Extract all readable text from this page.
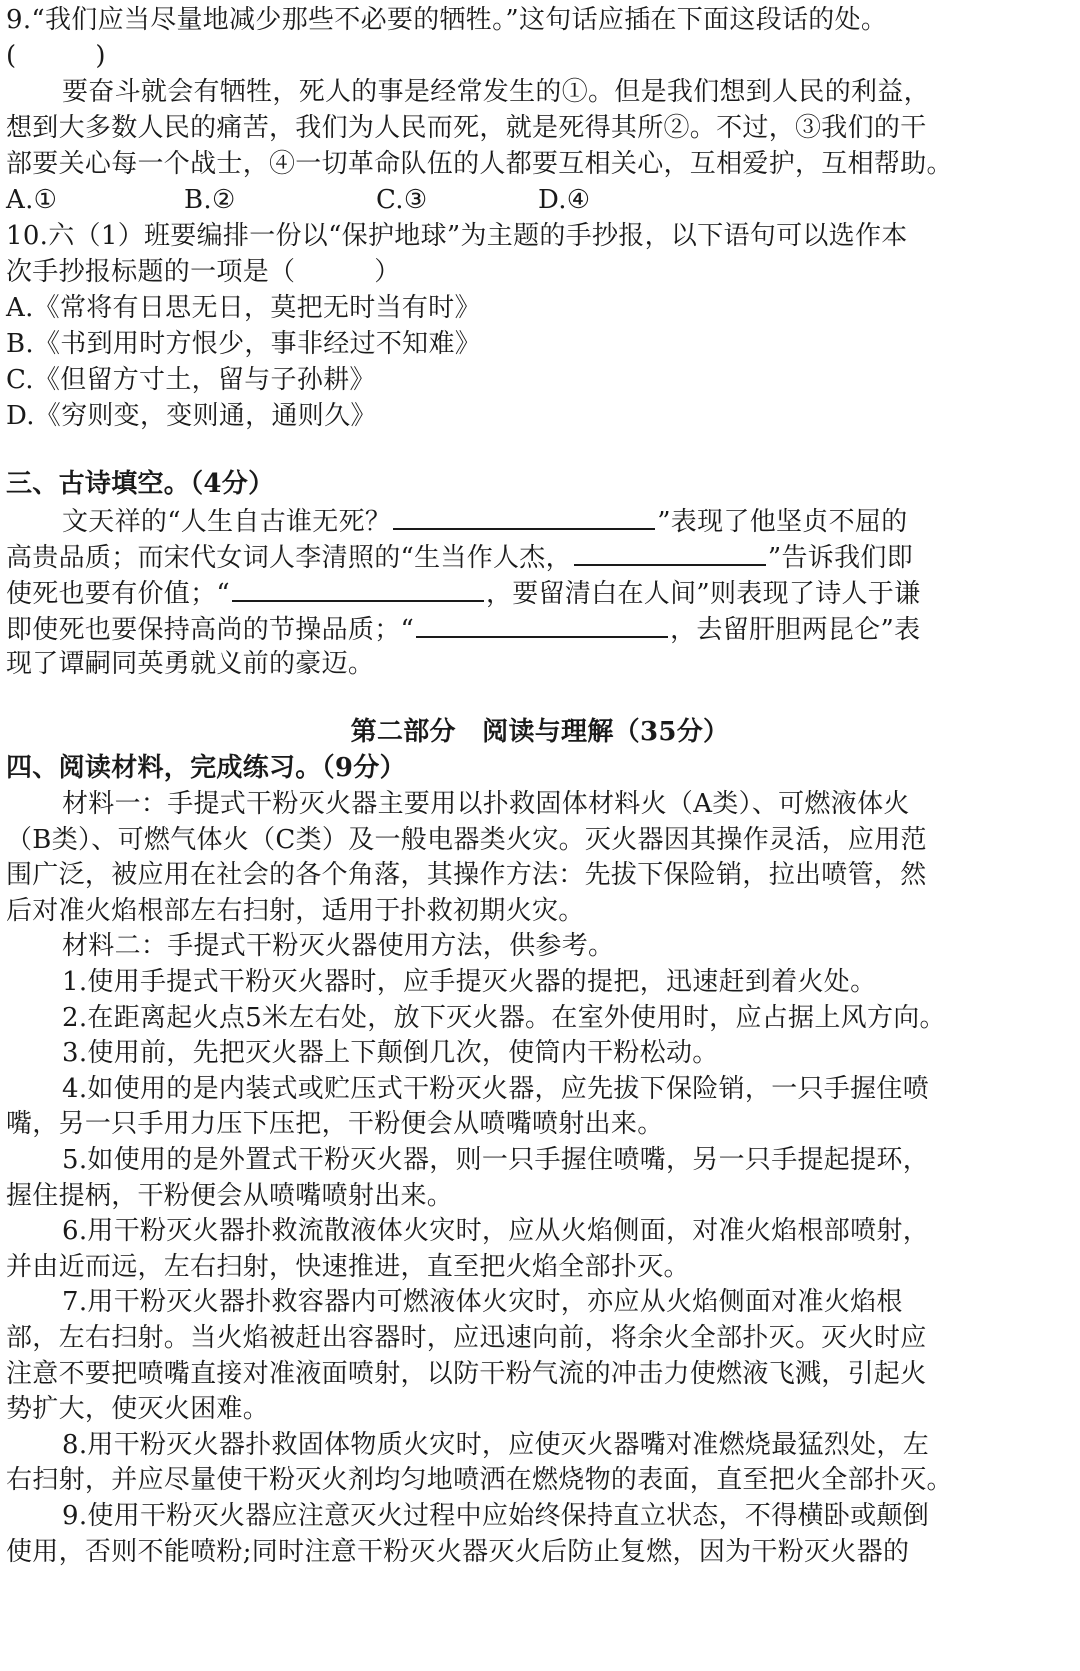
9.“我们应当尽量地减少那些不必要的牺牲。”这句话应插在下面这段话的处。
(　　　)
要奋斗就会有牺牲，死人的事是经常发生的①。但是我们想到人民的利益，
想到大多数人民的痛苦，我们为人民而死，就是死得其所②。不过，③我们的干
部要关心每一个战士，④一切革命队伍的人都要互相关心，互相爱护，互相帮助。
A.①	B.②	C.③	D.④
10.六（1）班要编排一份以“保护地球”为主题的手抄报，以下语句可以选作本
次手抄报标题的一项是（　　　）
A.《常将有日思无日，莫把无时当有时》
B.《书到用时方恨少，事非经过不知难》
C.《但留方寸土，留与子孙耕》
D.《穷则变，变则通，通则久》
三、古诗填空。（4分）
文天祥的“人生自古谁无死？	”表现了他坚贞不屈的
高贵品质；而宋代女词人李清照的“生当作人杰，	”告诉我们即
使死也要有价值；“	，要留清白在人间”则表现了诗人于谦
即使死也要保持高尚的节操品质；“	，去留肝胆两昆仑”表
现了谭嗣同英勇就义前的豪迈。
第二部分　阅读与理解（35分）
四、阅读材料，完成练习。（9分）
材料一：手提式干粉灭火器主要用以扑救固体材料火（A类）、可燃液体火
（B类）、可燃气体火（C类）及一般电器类火灾。灭火器因其操作灵活，应用范
围广泛，被应用在社会的各个角落，其操作方法：先拔下保险销，拉出喷管，然
后对准火焰根部左右扫射，适用于扑救初期火灾。
材料二：手提式干粉灭火器使用方法，供参考。
1.使用手提式干粉灭火器时，应手提灭火器的提把，迅速赶到着火处。
2.在距离起火点5米左右处，放下灭火器。在室外使用时，应占据上风方向。
3.使用前，先把灭火器上下颠倒几次，使筒内干粉松动。
4.如使用的是内装式或贮压式干粉灭火器，应先拔下保险销，一只手握住喷
嘴，另一只手用力压下压把，干粉便会从喷嘴喷射出来。
5.如使用的是外置式干粉灭火器，则一只手握住喷嘴，另一只手提起提环，
握住提柄，干粉便会从喷嘴喷射出来。
6.用干粉灭火器扑救流散液体火灾时，应从火焰侧面，对准火焰根部喷射，
并由近而远，左右扫射，快速推进，直至把火焰全部扑灭。
7.用干粉灭火器扑救容器内可燃液体火灾时，亦应从火焰侧面对准火焰根
部，左右扫射。当火焰被赶出容器时，应迅速向前，将余火全部扑灭。灭火时应
注意不要把喷嘴直接对准液面喷射，以防干粉气流的冲击力使燃液飞溅，引起火
势扩大，使灭火困难。
8.用干粉灭火器扑救固体物质火灾时，应使灭火器嘴对准燃烧最猛烈处，左
右扫射，并应尽量使干粉灭火剂均匀地喷洒在燃烧物的表面，直至把火全部扑灭。
9.使用干粉灭火器应注意灭火过程中应始终保持直立状态，不得横卧或颠倒
使用，否则不能喷粉;同时注意干粉灭火器灭火后防止复燃，因为干粉灭火器的
